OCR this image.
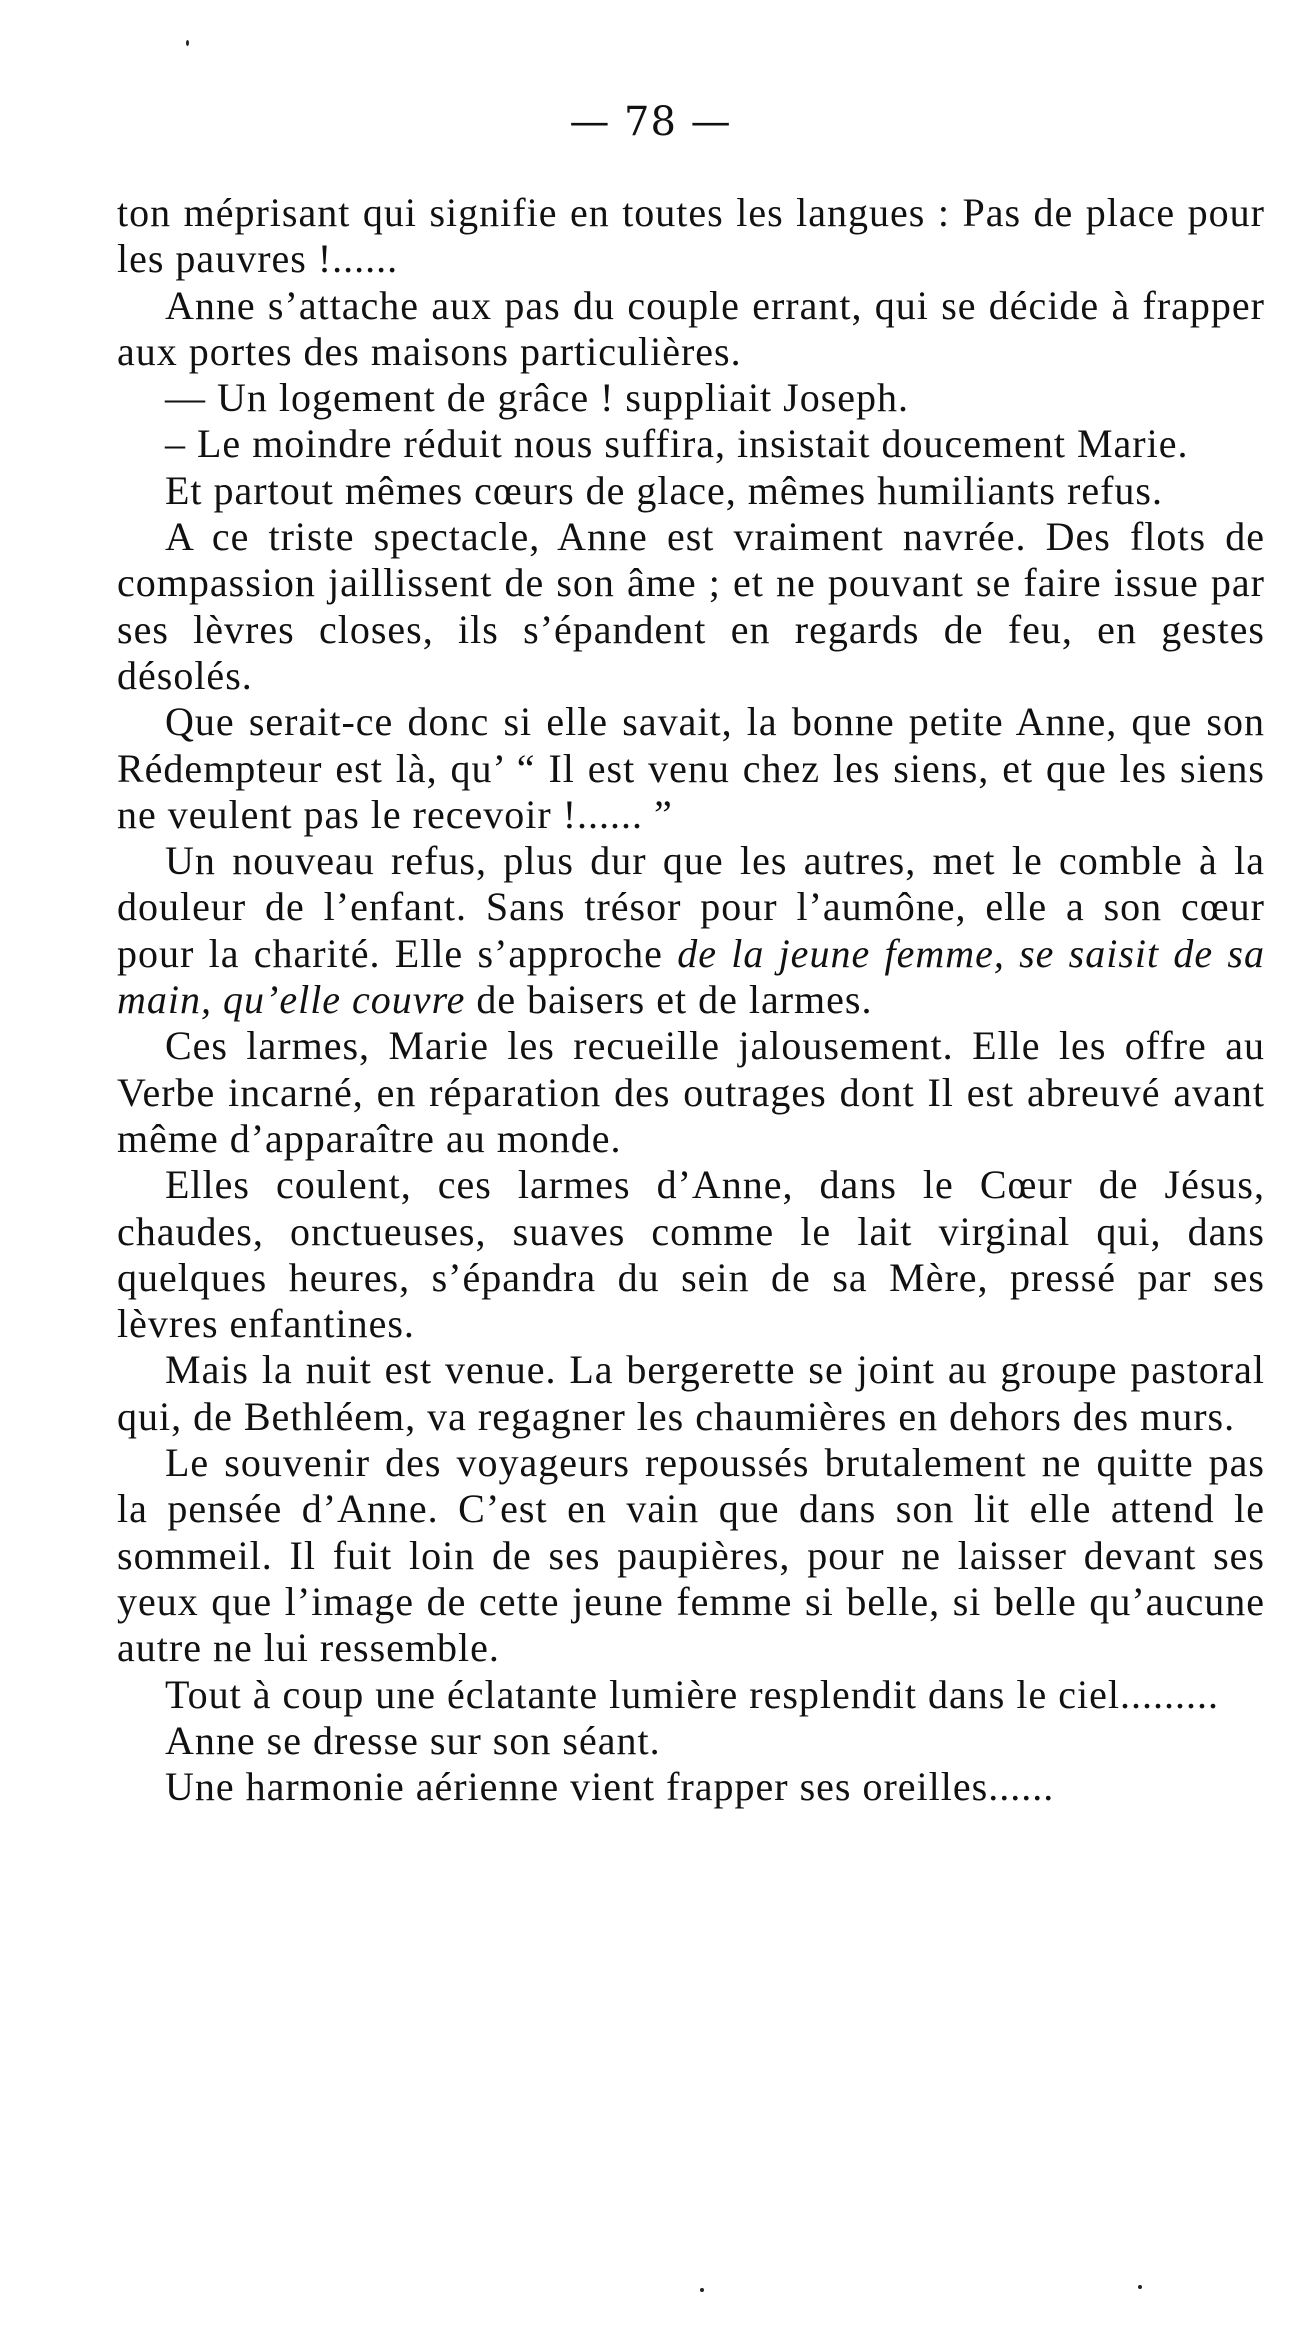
— 78 —

ton méprisant qui signifie en toutes les langues : Pas de place pour les pauvres !......

Anne s’attache aux pas du couple errant, qui se décide à frapper aux portes des maisons particulières.

— Un logement de grâce ! suppliait Joseph.

– Le moindre réduit nous suffira, insistait doucement Marie.

Et partout mêmes cœurs de glace, mêmes humiliants refus.

A ce triste spectacle, Anne est vraiment navrée. Des flots de compassion jaillissent de son âme ; et ne pouvant se faire issue par ses lèvres closes, ils s’épandent en regards de feu, en gestes désolés.

Que serait-ce donc si elle savait, la bonne petite Anne, que son Rédempteur est là, qu’ “ Il est venu chez les siens, et que les siens ne veulent pas le recevoir !...... ”

Un nouveau refus, plus dur que les autres, met le comble à la douleur de l’enfant. Sans trésor pour l’aumône, elle a son cœur pour la charité. Elle s’approche de la jeune femme, se saisit de sa main, qu’elle couvre de baisers et de larmes.

Ces larmes, Marie les recueille jalousement. Elle les offre au Verbe incarné, en réparation des outrages dont Il est abreuvé avant même d’apparaître au monde.

Elles coulent, ces larmes d’Anne, dans le Cœur de Jésus, chaudes, onctueuses, suaves comme le lait virginal qui, dans quelques heures, s’épandra du sein de sa Mère, pressé par ses lèvres enfantines.

Mais la nuit est venue. La bergerette se joint au groupe pastoral qui, de Bethléem, va regagner les chaumières en dehors des murs.

Le souvenir des voyageurs repoussés brutalement ne quitte pas la pensée d’Anne. C’est en vain que dans son lit elle attend le sommeil. Il fuit loin de ses paupières, pour ne laisser devant ses yeux que l’image de cette jeune femme si belle, si belle qu’aucune autre ne lui ressemble.

Tout à coup une éclatante lumière resplendit dans le ciel.........

Anne se dresse sur son séant.

Une harmonie aérienne vient frapper ses oreilles......
